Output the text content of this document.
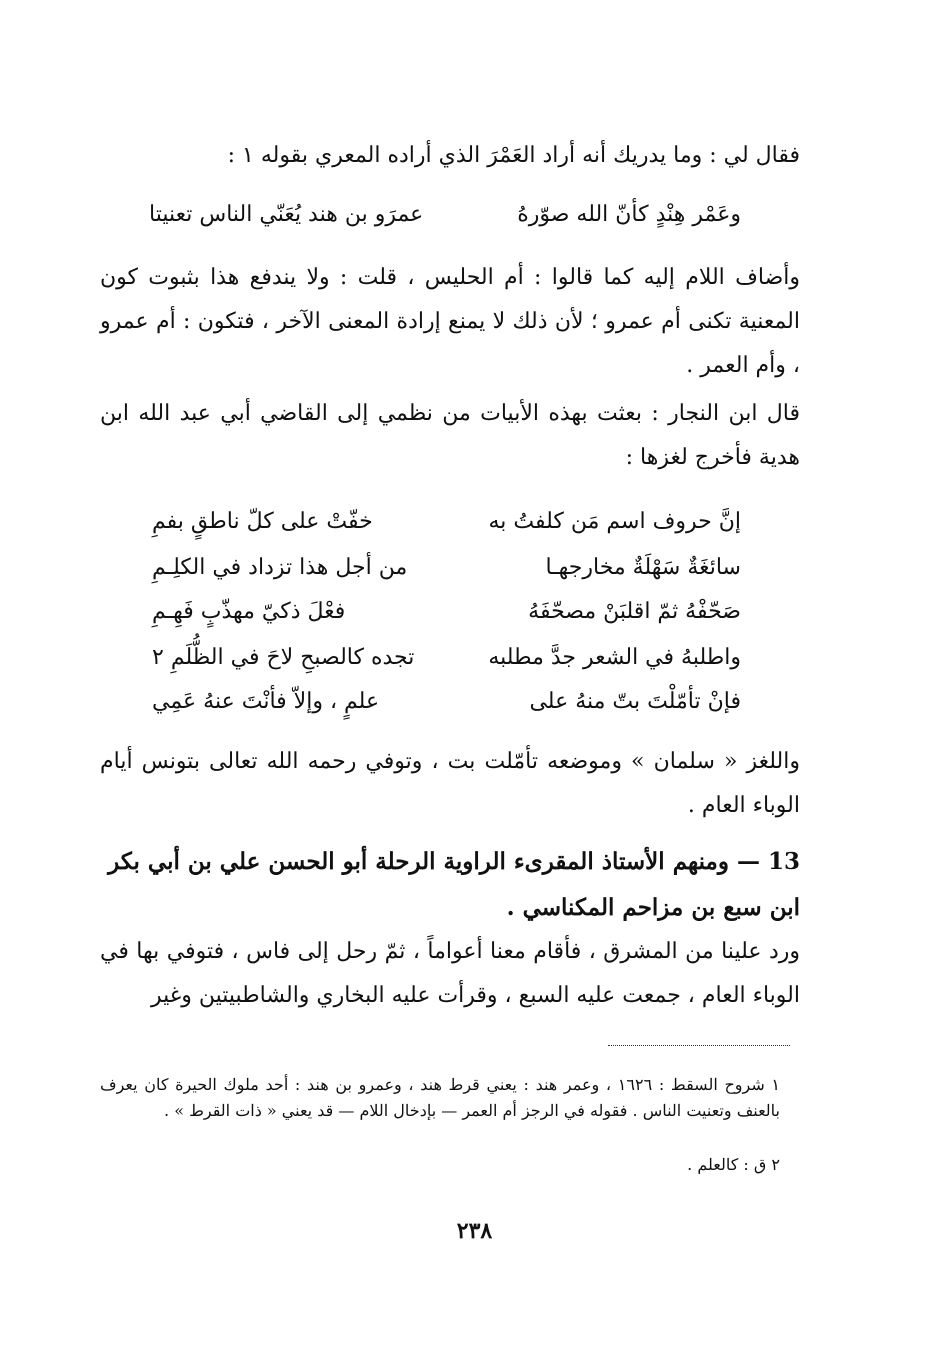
فقال لي : وما يدريك أنه أراد العَمْرَ الذي أراده المعري بقوله ١ :
وعَمْر هِنْدٍ كأنّ الله صوّرهُ
عمرَو بن هند يُعَنّي الناس تعنيتا
وأضاف اللام إليه كما قالوا : أم الحليس ، قلت : ولا يندفع هذا بثبوت كون المعنية تكنى أم عمرو ؛ لأن ذلك لا يمنع إرادة المعنى الآخر ، فتكون : أم عمرو ، وأم العمر .
قال ابن النجار : بعثت بهذه الأبيات من نظمي إلى القاضي أبي عبد الله ابن هدية فأخرج لغزها :
إنَّ حروف اسم مَن كلفتُ به
خفّتْ على كلّ ناطقٍ بفمِ
سائغَةٌ سَهْلَةٌ مخارجهـا
من أجل هذا تزداد في الكلِـمِ
صَحّفْهُ ثمّ اقلبَنْ مصحّفَهُ
فعْلَ ذكيّ مهذّبٍ فَهِـمِ
واطلبهُ في الشعر جدَّ مطلبه
تجده كالصبحِ لاحَ في الظُّلَمِ ٢
فإنْ تأمّلْتَ بتّ منهُ على
علمٍ ، وإلاّ فأنْتَ عنهُ عَمِي
واللغز « سلمان » وموضعه تأمّلت بت ، وتوفي رحمه الله تعالى بتونس أيام الوباء العام .
13 — ومنهم الأستاذ المقرىء الراوية الرحلة أبو الحسن علي بن أبي بكر
ابن سبع بن مزاحم المكناسي .
ورد علينا من المشرق ، فأقام معنا أعواماً ، ثمّ رحل إلى فاس ، فتوفي بها في الوباء العام ، جمعت عليه السبع ، وقرأت عليه البخاري والشاطبيتين وغير
١ شروح السقط : ١٦٢٦ ، وعمر هند : يعني قرط هند ، وعمرو بن هند : أحد ملوك الحيرة كان يعرف بالعنف وتعنيت الناس . فقوله في الرجز أم العمر — بإدخال اللام — قد يعني « ذات القرط » .
٢ ق : كالعلم .
٢٣٨
